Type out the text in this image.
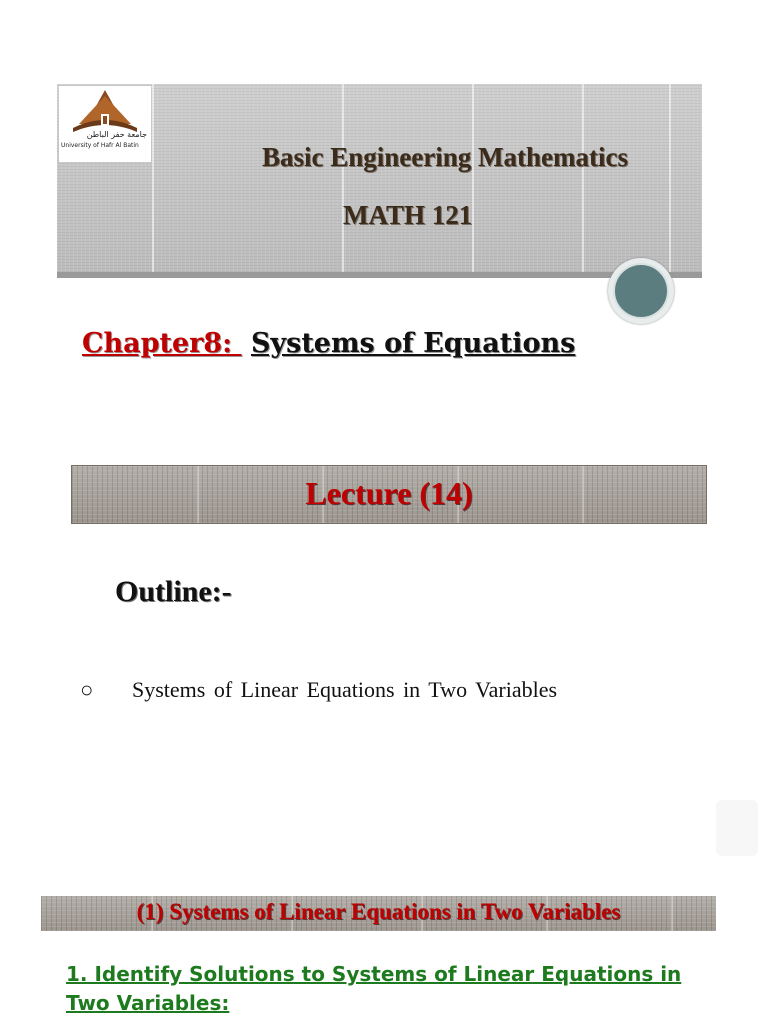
جامعة حفر الباطن
University of Hafr Al Batin	Basic Engineering Mathematics
MATH 121
Chapter8:  Systems of Equations
Lecture (14)
Outline:-
○ Systems of Linear Equations in Two Variables
(1) Systems of Linear Equations in Two Variables
1. Identify Solutions to Systems of Linear Equations in Two Variables:
